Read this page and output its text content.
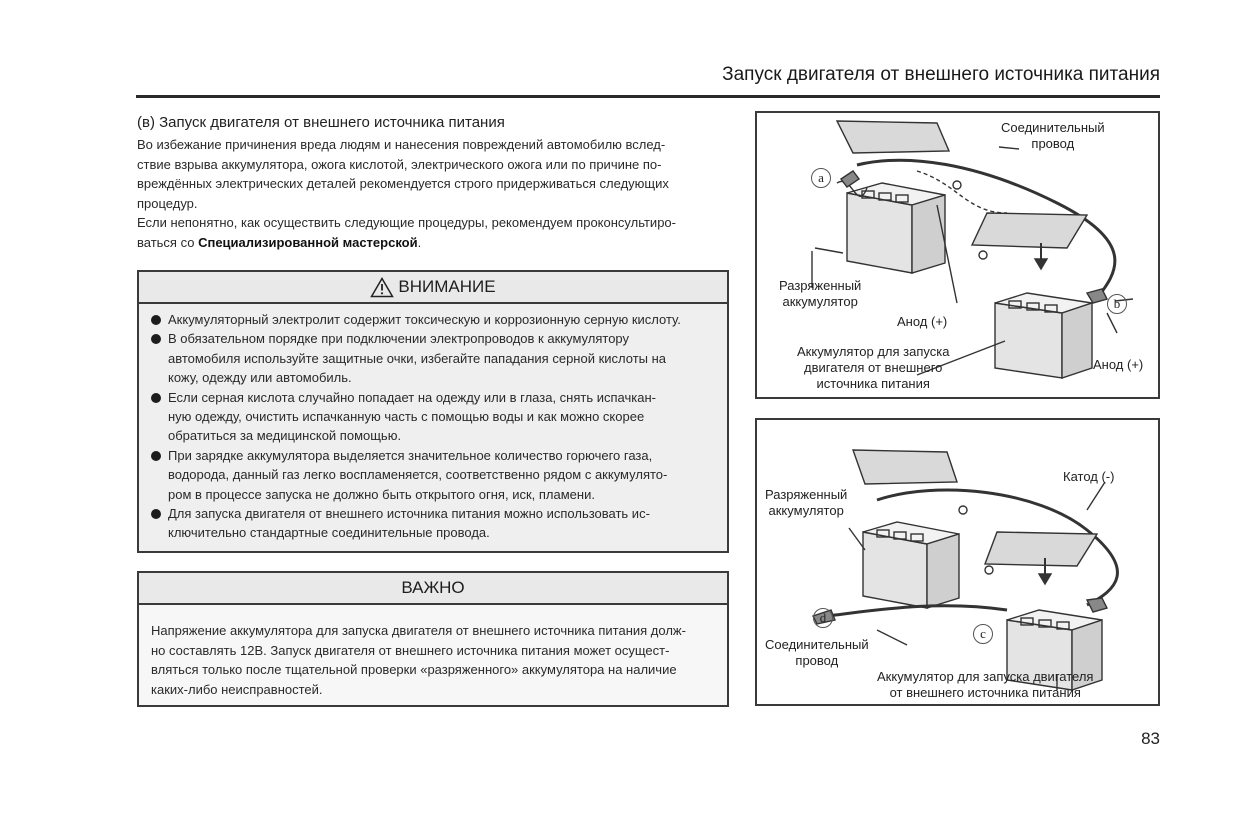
Запуск двигателя от внешнего источника питания
(в) Запуск двигателя от внешнего источника питания

Во избежание причинения вреда людям и нанесения повреждений автомобилю вслед-
ствие взрыва аккумулятора, ожога кислотой, электрического ожога или по причине по-
вреждённых электрических деталей рекомендуется строго придерживаться следующих
процедур.

Если непонятно, как осуществить следующие процедуры, рекомендуем проконсультиро-
ваться со Специализированной мастерской.

ВНИМАНИЕ
Аккумуляторный электролит содержит токсическую и коррозионную серную кислоту.
В обязательном порядке при подключении электропроводов к аккумулятору
автомобиля используйте защитные очки, избегайте пападания серной кислоты на
кожу, одежду или автомобиль.
Если серная кислота случайно попадает на одежду или в глаза, снять испачкан-
ную одежду, очистить испачканную часть с помощью воды и как можно скорее
обратиться за медицинской помощью.
При зарядке аккумулятора выделяется значительное количество горючего газа,
водорода, данный газ легко воспламеняется, соответственно рядом с аккумулято-
ром в процессе запуска не должно быть открытого огня, иск, пламени.
Для запуска двигателя от внешнего источника питания можно использовать ис-
ключительно стандартные соединительные провода.
ВАЖНО

Напряжение аккумулятора для запуска двигателя от внешнего источника питания долж-
но составлять 12В. Запуск двигателя от внешнего источника питания может осущест-
вляться только после тщательной проверки «разряженного» аккумулятора на наличие
каких-либо неисправностей.

a
b
Соединительный
провод
Разряженный
аккумулятор
Анод (+)
Аккумулятор для запуска
двигателя от внешнего
источника питания
Анод (+)
d
c
Катод (-)
Разряженный
аккумулятор
Соединительный
провод
Аккумулятор для запуска двигателя
от внешнего источника питания
83
